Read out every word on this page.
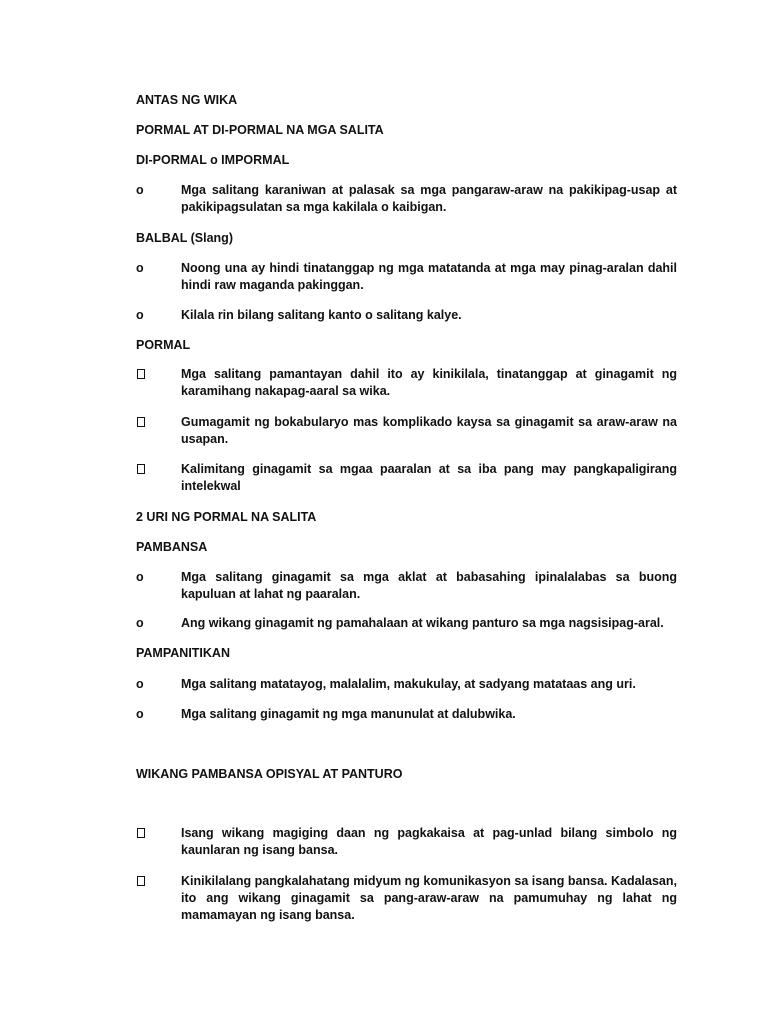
ANTAS NG WIKA
PORMAL AT DI-PORMAL NA MGA SALITA
DI-PORMAL o IMPORMAL
o	Mga salitang karaniwan at palasak sa mga pangaraw-araw na pakikipag-usap at pakikipagsulatan sa mga kakilala o kaibigan.
BALBAL (Slang)
o	Noong una ay hindi tinatanggap ng mga matatanda at mga may pinag-aralan dahil hindi raw maganda pakinggan.
o	Kilala rin bilang salitang kanto o salitang kalye.
PORMAL
Mga salitang pamantayan dahil ito ay kinikilala, tinatanggap at ginagamit ng karamihang nakapag-aaral sa wika.
Gumagamit ng bokabularyo mas komplikado kaysa sa ginagamit sa araw-araw na usapan.
Kalimitang ginagamit sa mgaa paaralan at sa iba pang may pangkapaligirang intelekwal
2 URI NG PORMAL NA SALITA
PAMBANSA
o	Mga salitang ginagamit sa mga aklat at babasahing ipinalalabas sa buong kapuluan at lahat ng paaralan.
o	Ang wikang ginagamit ng pamahalaan at wikang panturo sa mga nagsisipag-aral.
PAMPANITIKAN
o	Mga salitang matatayog, malalalim, makukulay, at sadyang matataas ang uri.
o	Mga salitang ginagamit ng mga manunulat at dalubwika.
WIKANG PAMBANSA OPISYAL AT PANTURO
Isang wikang magiging daan ng pagkakaisa at pag-unlad bilang simbolo ng kaunlaran ng isang bansa.
Kinikilalang pangkalahatang midyum ng komunikasyon sa isang bansa. Kadalasan, ito ang wikang ginagamit sa pang-araw-araw na pamumuhay ng lahat ng mamamayan ng isang bansa.
